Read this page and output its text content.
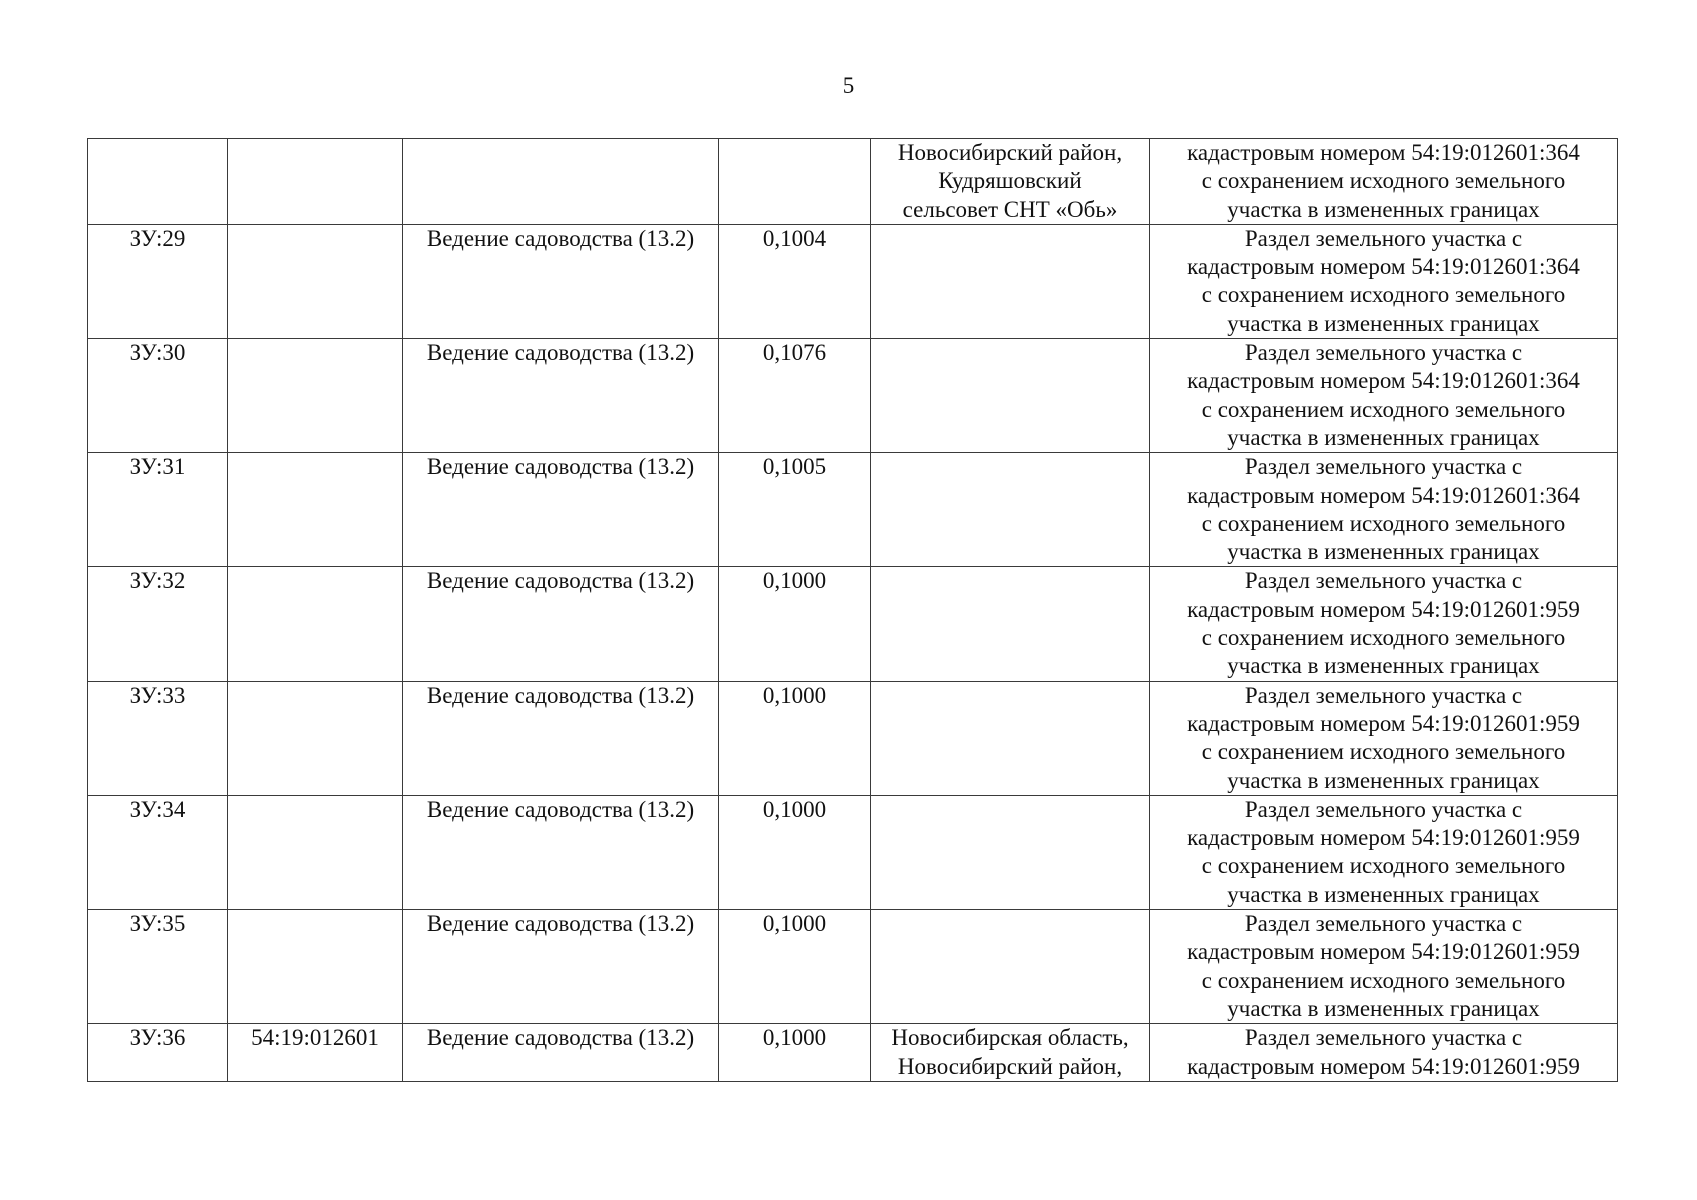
5
				Новосибирский район,
Кудряшовский
сельсовет СНТ «Обь»	кадастровым номером 54:19:012601:364
с сохранением исходного земельного
участка в измененных границах
ЗУ:29		Ведение садоводства (13.2)	0,1004		Раздел земельного участка с
кадастровым номером 54:19:012601:364
с сохранением исходного земельного
участка в измененных границах
ЗУ:30		Ведение садоводства (13.2)	0,1076		Раздел земельного участка с
кадастровым номером 54:19:012601:364
с сохранением исходного земельного
участка в измененных границах
ЗУ:31		Ведение садоводства (13.2)	0,1005		Раздел земельного участка с
кадастровым номером 54:19:012601:364
с сохранением исходного земельного
участка в измененных границах
ЗУ:32		Ведение садоводства (13.2)	0,1000		Раздел земельного участка с
кадастровым номером 54:19:012601:959
с сохранением исходного земельного
участка в измененных границах
ЗУ:33		Ведение садоводства (13.2)	0,1000		Раздел земельного участка с
кадастровым номером 54:19:012601:959
с сохранением исходного земельного
участка в измененных границах
ЗУ:34		Ведение садоводства (13.2)	0,1000		Раздел земельного участка с
кадастровым номером 54:19:012601:959
с сохранением исходного земельного
участка в измененных границах
ЗУ:35		Ведение садоводства (13.2)	0,1000		Раздел земельного участка с
кадастровым номером 54:19:012601:959
с сохранением исходного земельного
участка в измененных границах
ЗУ:36	54:19:012601	Ведение садоводства (13.2)	0,1000	Новосибирская область,
Новосибирский район,	Раздел земельного участка с
кадастровым номером 54:19:012601:959
